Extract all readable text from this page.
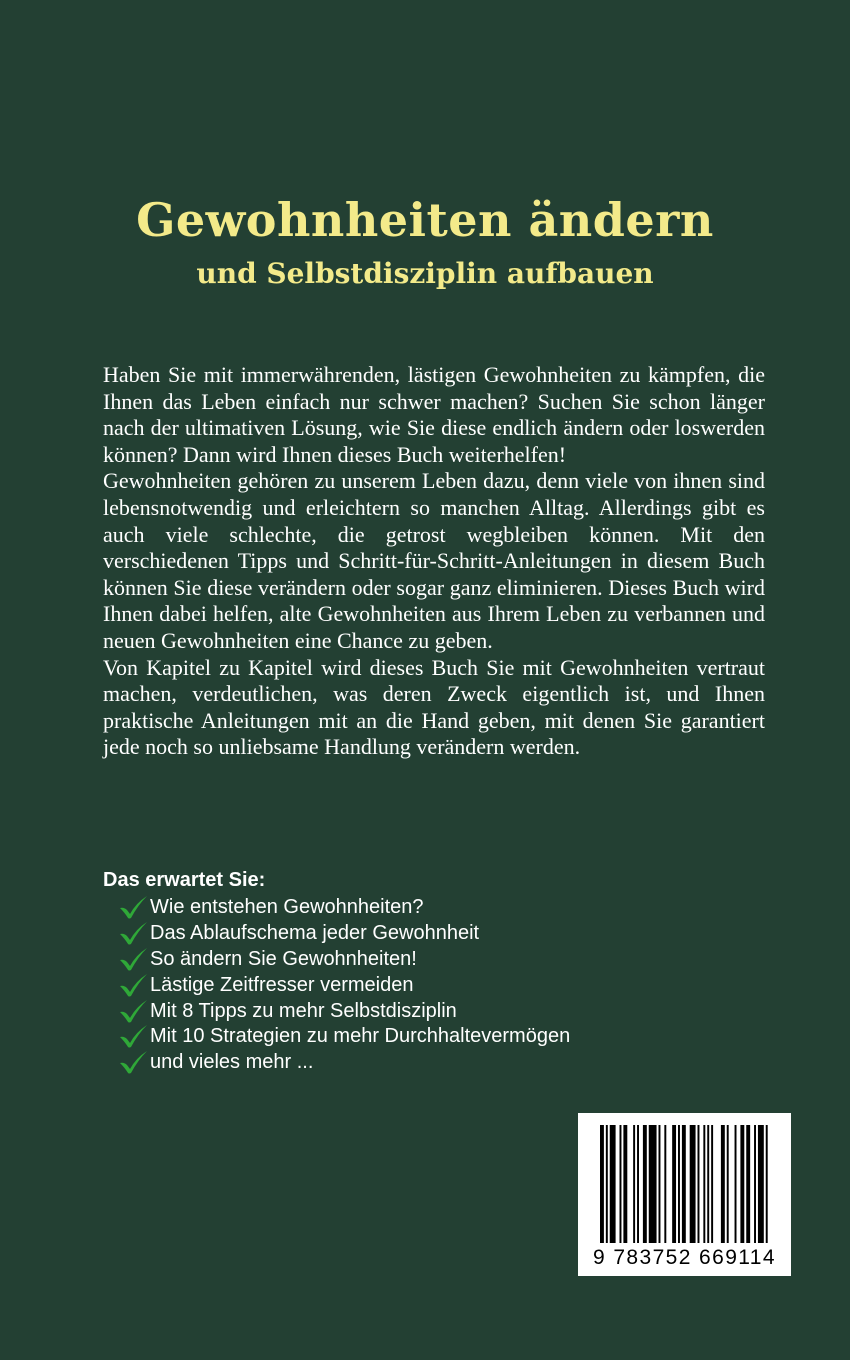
Gewohnheiten ändern
und Selbstdisziplin aufbauen

Haben Sie mit immerwährenden, lästigen Gewohnheiten zu kämpfen, die Ihnen das Leben einfach nur schwer machen? Suchen Sie schon länger nach der ultimativen Lösung, wie Sie diese endlich ändern oder loswerden können? Dann wird Ihnen dieses Buch weiterhelfen!

Gewohnheiten gehören zu unserem Leben dazu, denn viele von ihnen sind lebensnotwendig und erleichtern so manchen Alltag. Allerdings gibt es auch viele schlechte, die getrost wegbleiben können. Mit den verschiedenen Tipps und Schritt-für-Schritt-Anleitungen in diesem Buch können Sie diese verändern oder sogar ganz eliminieren. Dieses Buch wird Ihnen dabei helfen, alte Gewohnheiten aus Ihrem Leben zu verbannen und neuen Gewohnheiten eine Chance zu geben.

Von Kapitel zu Kapitel wird dieses Buch Sie mit Gewohnheiten vertraut machen, verdeutlichen, was deren Zweck eigentlich ist, und Ihnen praktische Anleitungen mit an die Hand geben, mit denen Sie garantiert jede noch so unliebsame Handlung verändern werden.

Das erwartet Sie:
Wie entstehen Gewohnheiten?
Das Ablaufschema jeder Gewohnheit
So ändern Sie Gewohnheiten!
Lästige Zeitfresser vermeiden
Mit 8 Tipps zu mehr Selbstdisziplin
Mit 10 Strategien zu mehr Durchhaltevermögen
und vieles mehr ...
9 783752 669114
